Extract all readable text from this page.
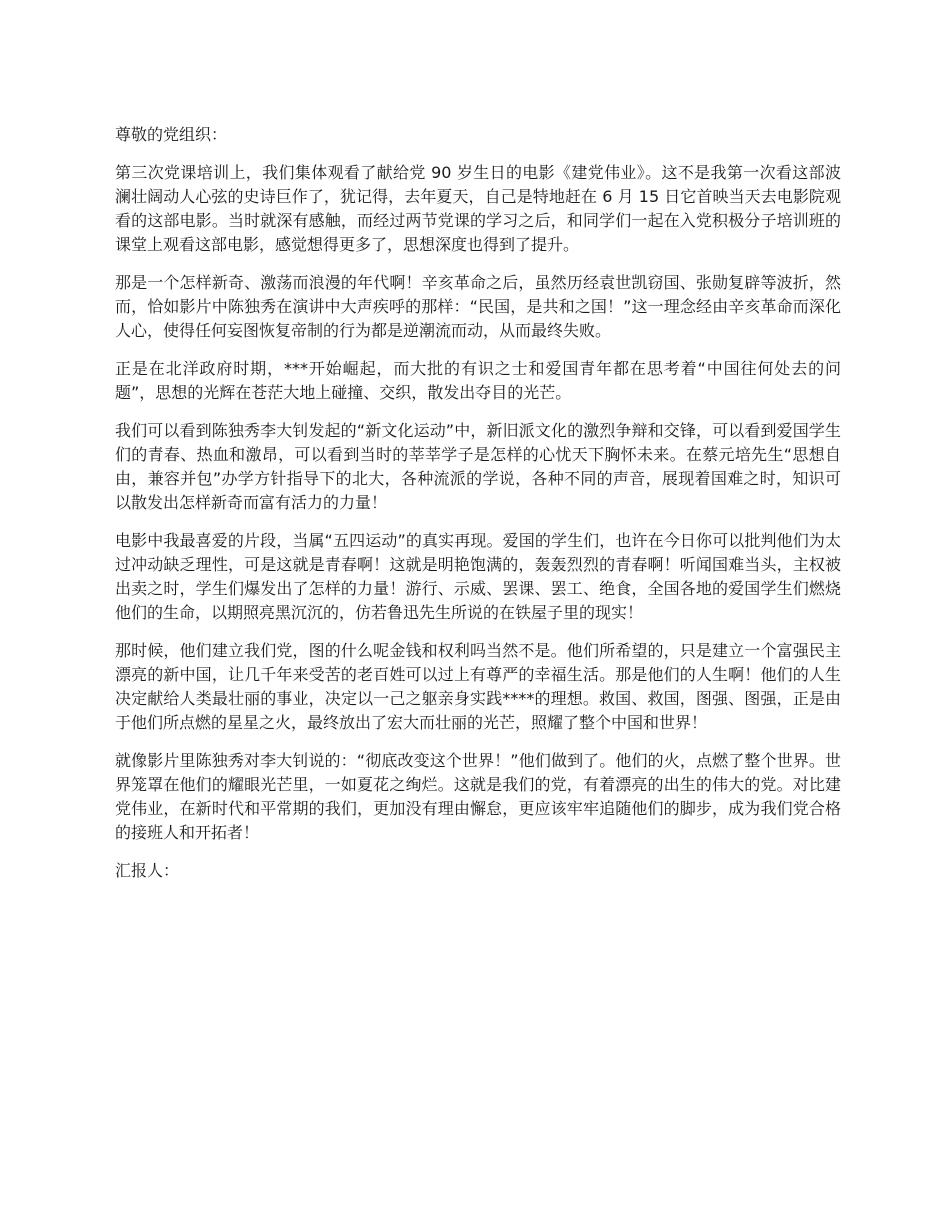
尊敬的党组织：

第三次党课培训上，我们集体观看了献给党 90 岁生日的电影《建党伟业》。这不是我第一次看这部波澜壮阔动人心弦的史诗巨作了，犹记得，去年夏天，自己是特地赶在 6 月 15 日它首映当天去电影院观看的这部电影。当时就深有感触，而经过两节党课的学习之后，和同学们一起在入党积极分子培训班的课堂上观看这部电影，感觉想得更多了，思想深度也得到了提升。

那是一个怎样新奇、激荡而浪漫的年代啊！辛亥革命之后，虽然历经袁世凯窃国、张勋复辟等波折，然而，恰如影片中陈独秀在演讲中大声疾呼的那样：“民国，是共和之国！”这一理念经由辛亥革命而深化人心，使得任何妄图恢复帝制的行为都是逆潮流而动，从而最终失败。

正是在北洋政府时期，***开始崛起，而大批的有识之士和爱国青年都在思考着“中国往何处去的问题”，思想的光辉在苍茫大地上碰撞、交织，散发出夺目的光芒。

我们可以看到陈独秀李大钊发起的“新文化运动”中，新旧派文化的激烈争辩和交锋，可以看到爱国学生们的青春、热血和激昂，可以看到当时的莘莘学子是怎样的心忧天下胸怀未来。在蔡元培先生“思想自由，兼容并包”办学方针指导下的北大，各种流派的学说，各种不同的声音，展现着国难之时，知识可以散发出怎样新奇而富有活力的力量！

电影中我最喜爱的片段，当属“五四运动”的真实再现。爱国的学生们，也许在今日你可以批判他们为太过冲动缺乏理性，可是这就是青春啊！这就是明艳饱满的，轰轰烈烈的青春啊！听闻国难当头，主权被出卖之时，学生们爆发出了怎样的力量！游行、示威、罢课、罢工、绝食，全国各地的爱国学生们燃烧他们的生命，以期照亮黑沉沉的，仿若鲁迅先生所说的在铁屋子里的现实！

那时候，他们建立我们党，图的什么呢金钱和权利吗当然不是。他们所希望的，只是建立一个富强民主漂亮的新中国，让几千年来受苦的老百姓可以过上有尊严的幸福生活。那是他们的人生啊！他们的人生决定献给人类最壮丽的事业，决定以一己之躯亲身实践****的理想。救国、救国，图强、图强，正是由于他们所点燃的星星之火，最终放出了宏大而壮丽的光芒，照耀了整个中国和世界！

就像影片里陈独秀对李大钊说的：“彻底改变这个世界！”他们做到了。他们的火，点燃了整个世界。世界笼罩在他们的耀眼光芒里，一如夏花之绚烂。这就是我们的党，有着漂亮的出生的伟大的党。对比建党伟业，在新时代和平常期的我们，更加没有理由懈怠，更应该牢牢追随他们的脚步，成为我们党合格的接班人和开拓者！

汇报人：
